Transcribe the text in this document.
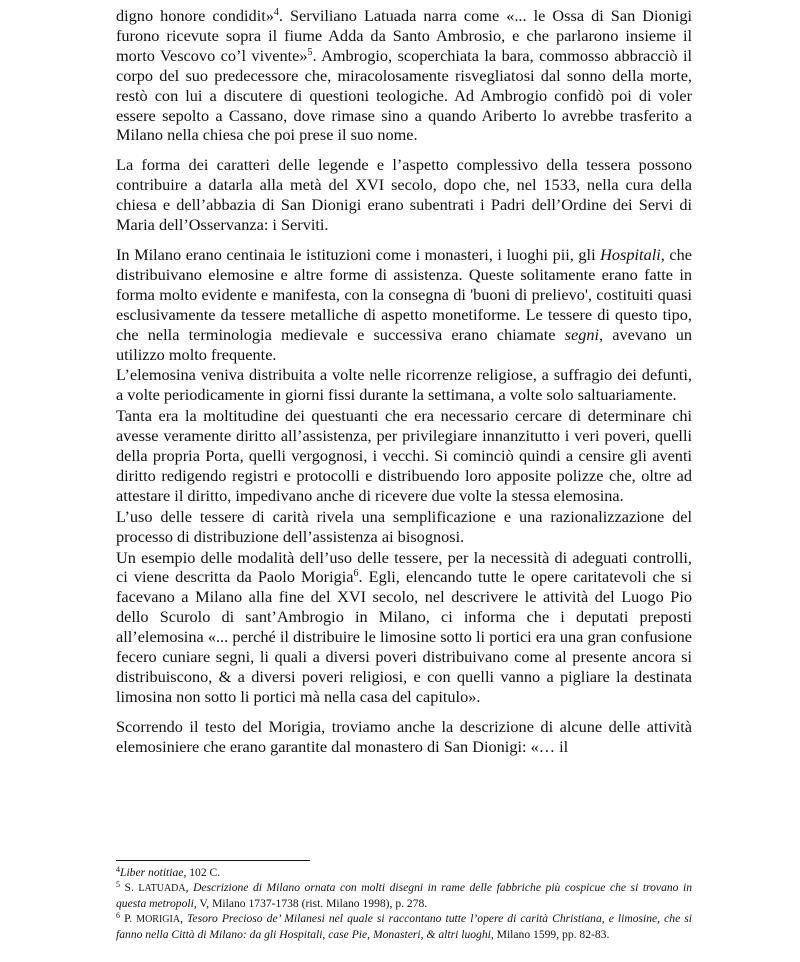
digno honore condidit»$^4$. Serviliano Latuada narra come «... le Ossa di San Dionigi furono ricevute sopra il fiume Adda da Santo Ambrosio, e che parlarono insieme il morto Vescovo co’l vivente»$^5$. Ambrogio, scoperchiata la bara, commosso abbracciò il corpo del suo predecessore che, miracolosamente risvegliatosi dal sonno della morte, restò con lui a discutere di questioni teologiche. Ad Ambrogio confidò poi di voler essere sepolto a Cassano, dove rimase sino a quando Ariberto lo avrebbe trasferito a Milano nella chiesa che poi prese il suo nome.

La forma dei caratteri delle legende e l’aspetto complessivo della tessera possono contribuire a datarla alla metà del XVI secolo, dopo che, nel 1533, nella cura della chiesa e dell’abbazia di San Dionigi erano subentrati i Padri dell’Ordine dei Servi di Maria dell’Osservanza: i Serviti.

In Milano erano centinaia le istituzioni come i monasteri, i luoghi pii, gli Hospitali, che distribuivano elemosine e altre forme di assistenza. Queste solitamente erano fatte in forma molto evidente e manifesta, con la consegna di 'buoni di prelievo', costituiti quasi esclusivamente da tessere metalliche di aspetto monetiforme. Le tessere di questo tipo, che nella terminologia medievale e successiva erano chiamate segni, avevano un utilizzo molto frequente.

L’elemosina veniva distribuita a volte nelle ricorrenze religiose, a suffragio dei defunti, a volte periodicamente in giorni fissi durante la settimana, a volte solo saltuariamente.

Tanta era la moltitudine dei questuanti che era necessario cercare di determinare chi avesse veramente diritto all’assistenza, per privilegiare innanzitutto i veri poveri, quelli della propria Porta, quelli vergognosi, i vecchi. Si cominciò quindi a censire gli aventi diritto redigendo registri e protocolli e distribuendo loro apposite polizze che, oltre ad attestare il diritto, impedivano anche di ricevere due volte la stessa elemosina.

L’uso delle tessere di carità rivela una semplificazione e una razionalizzazione del processo di distribuzione dell’assistenza ai bisognosi.

Un esempio delle modalità dell’uso delle tessere, per la necessità di adeguati controlli, ci viene descritta da Paolo Morigia$^6$. Egli, elencando tutte le opere caritatevoli che si facevano a Milano alla fine del XVI secolo, nel descrivere le attività del Luogo Pio dello Scurolo di sant’Ambrogio in Milano, ci informa che i deputati preposti all’elemosina «... perché il distribuire le limosine sotto li portici era una gran confusione fecero cuniare segni, li quali a diversi poveri distribuivano come al presente ancora si distribuiscono, & a diversi poveri religiosi, e con quelli vanno a pigliare la destinata limosina non sotto li portici mà nella casa del capitulo».

Scorrendo il testo del Morigia, troviamo anche la descrizione di alcune delle attività elemosiniere che erano garantite dal monastero di San Dionigi: «… il

$^4$Liber notitiae, 102 C.

$^5$ S. LATUADA, Descrizione di Milano ornata con molti disegni in rame delle fabbriche più cospicue che si trovano in questa metropoli, V, Milano 1737-1738 (rist. Milano 1998), p. 278.

$^6$ P. MORIGIA, Tesoro Precioso de’ Milanesi nel quale si raccontano tutte l’opere di carità Christiana, e limosine, che si fanno nella Città di Milano: da gli Hospitali, case Pie, Monasteri, & altri luoghi, Milano 1599, pp. 82-83.
